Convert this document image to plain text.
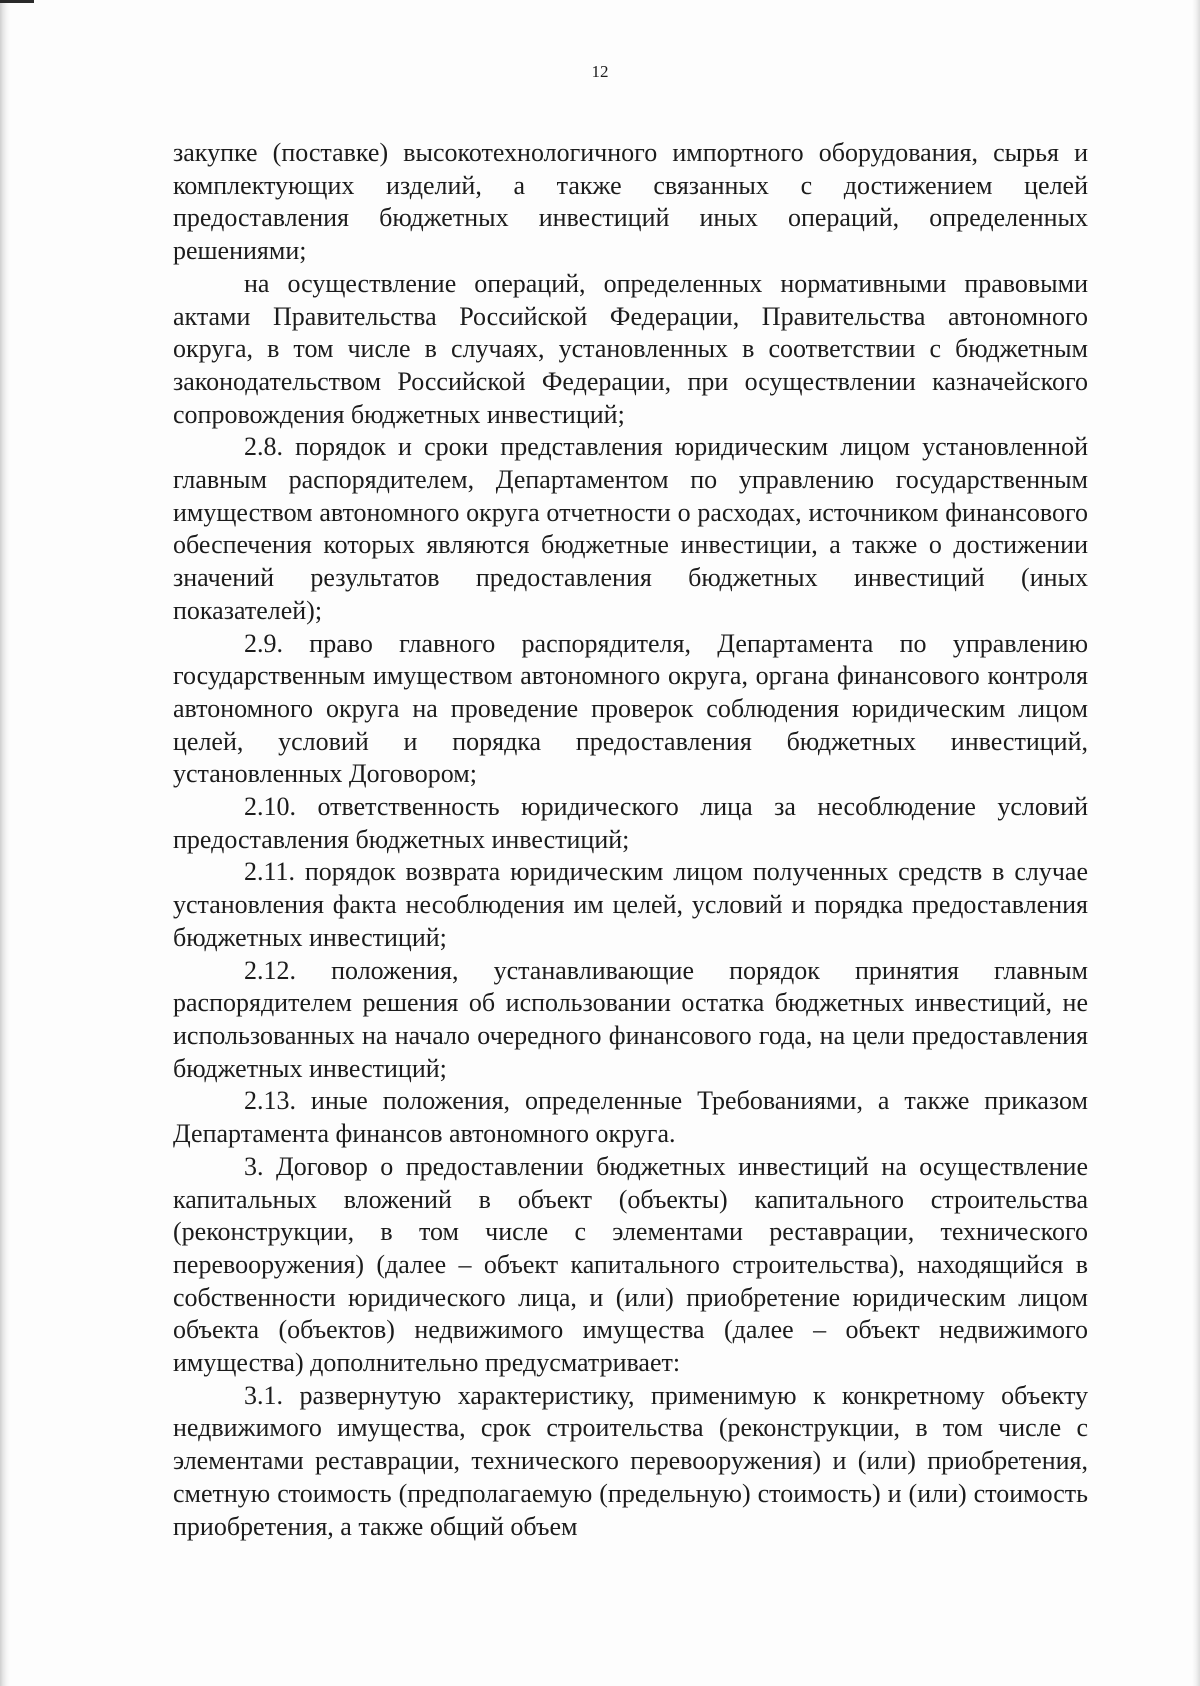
12

закупке (поставке) высокотехнологичного импортного оборудования, сырья и комплектующих изделий, а также связанных с достижением целей предоставления бюджетных инвестиций иных операций, определенных решениями;

на осуществление операций, определенных нормативными правовыми актами Правительства Российской Федерации, Правительства автономного округа, в том числе в случаях, установленных в соответствии с бюджетным законодательством Российской Федерации, при осуществлении казначейского сопровождения бюджетных инвестиций;

2.8. порядок и сроки представления юридическим лицом установленной главным распорядителем, Департаментом по управлению государственным имуществом автономного округа отчетности о расходах, источником финансового обеспечения которых являются бюджетные инвестиции, а также о достижении значений результатов предоставления бюджетных инвестиций (иных показателей);

2.9. право главного распорядителя, Департамента по управлению государственным имуществом автономного округа, органа финансового контроля автономного округа на проведение проверок соблюдения юридическим лицом целей, условий и порядка предоставления бюджетных инвестиций, установленных Договором;

2.10. ответственность юридического лица за несоблюдение условий предоставления бюджетных инвестиций;

2.11. порядок возврата юридическим лицом полученных средств в случае установления факта несоблюдения им целей, условий и порядка предоставления бюджетных инвестиций;

2.12. положения, устанавливающие порядок принятия главным распорядителем решения об использовании остатка бюджетных инвестиций, не использованных на начало очередного финансового года, на цели предоставления бюджетных инвестиций;

2.13. иные положения, определенные Требованиями, а также приказом Департамента финансов автономного округа.

3. Договор о предоставлении бюджетных инвестиций на осуществление капитальных вложений в объект (объекты) капитального строительства (реконструкции, в том числе с элементами реставрации, технического перевооружения) (далее – объект капитального строительства), находящийся в собственности юридического лица, и (или) приобретение юридическим лицом объекта (объектов) недвижимого имущества (далее – объект недвижимого имущества) дополнительно предусматривает:

3.1. развернутую характеристику, применимую к конкретному объекту недвижимого имущества, срок строительства (реконструкции, в том числе с элементами реставрации, технического перевооружения) и (или) приобретения, сметную стоимость (предполагаемую (предельную) стоимость) и (или) стоимость приобретения, а также общий объем
